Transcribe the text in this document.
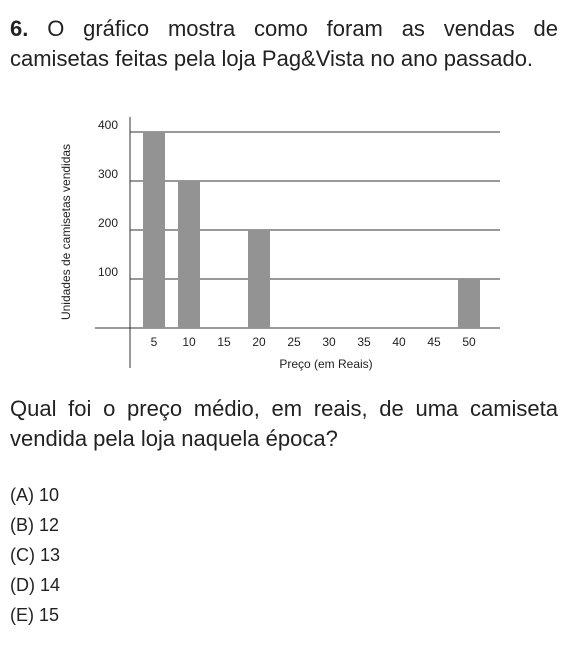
6. O gráfico mostra como foram as vendas de camisetas feitas pela loja Pag&Vista no ano passado.

100
200
300
400
5 10 15 20 25 30 35 40 45 50
Preço (em Reais)
Unidades de camisetas vendidas

Qual foi o preço médio, em reais, de uma camiseta vendida pela loja naquela época?

(A) 10
(B) 12
(C) 13
(D) 14
(E) 15
